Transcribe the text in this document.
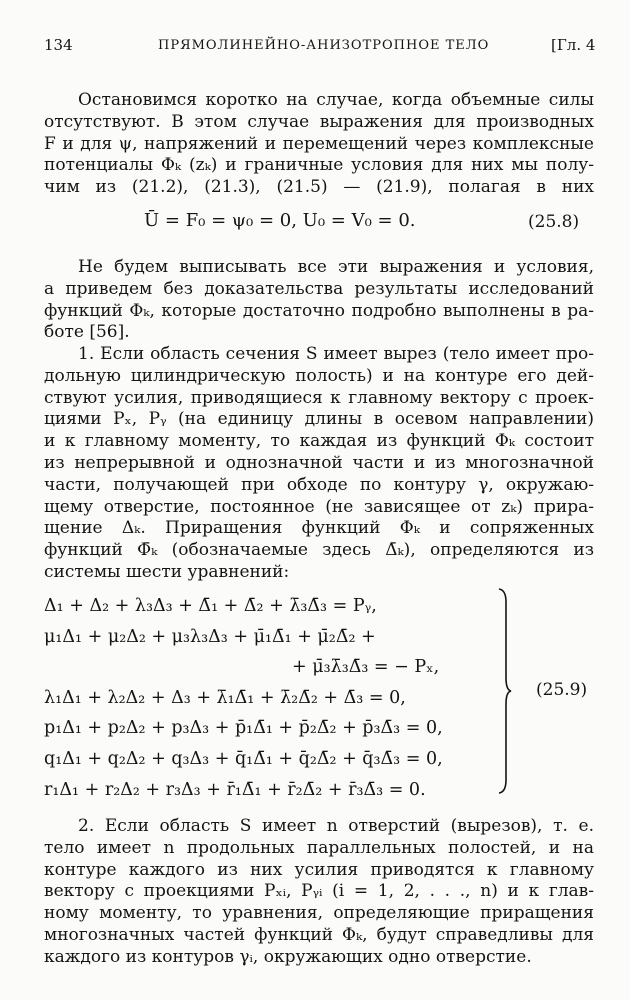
134	ПРЯМОЛИНЕЙНО-АНИЗОТРОПНОЕ ТЕЛО	[Гл. 4
Остановимся коротко на случае, когда объемные силы
отсутствуют. В этом случае выражения для производных
F и для ψ, напряжений и перемещений через комплексные
потенциалы Φₖ (zₖ) и граничные условия для них мы полу-
чим из (21.2), (21.3), (21.5) — (21.9), полагая в них
Ū = F₀ = ψ₀ = 0, U₀ = V₀ = 0.	(25.8)
Не будем выписывать все эти выражения и условия,
а приведем без доказательства результаты исследований
функций Φₖ, которые достаточно подробно выполнены в ра-
боте [56].
1. Если область сечения S имеет вырез (тело имеет про-
дольную цилиндрическую полость) и на контуре его дей-
ствуют усилия, приводящиеся к главному вектору с проек-
циями Pₓ, Pᵧ (на единицу длины в осевом направлении)
и к главному моменту, то каждая из функций Φₖ состоит
из непрерывной и однозначной части и из многозначной
части, получающей при обходе по контуру γ, окружаю-
щему отверстие, постоянное (не зависящее от zₖ) прира-
щение Δₖ. Приращения функций Φₖ и сопряженных
функций Φ̄ₖ (обозначаемые здесь Δ̄ₖ), определяются из
системы шести уравнений:
Δ₁ + Δ₂ + λ₃Δ₃ + Δ̄₁ + Δ̄₂ + λ̄₃Δ̄₃ = Pᵧ,
μ₁Δ₁ + μ₂Δ₂ + μ₃λ₃Δ₃ + μ̄₁Δ̄₁ + μ̄₂Δ̄₂ +
+ μ̄₃λ̄₃Δ̄₃ = − Pₓ,
λ₁Δ₁ + λ₂Δ₂ + Δ₃ + λ̄₁Δ̄₁ + λ̄₂Δ̄₂ + Δ̄₃ = 0,
p₁Δ₁ + p₂Δ₂ + p₃Δ₃ + p̄₁Δ̄₁ + p̄₂Δ̄₂ + p̄₃Δ̄₃ = 0,
q₁Δ₁ + q₂Δ₂ + q₃Δ₃ + q̄₁Δ̄₁ + q̄₂Δ̄₂ + q̄₃Δ̄₃ = 0,
r₁Δ₁ + r₂Δ₂ + r₃Δ₃ + r̄₁Δ̄₁ + r̄₂Δ̄₂ + r̄₃Δ̄₃ = 0.
(25.9)
2. Если область S имеет n отверстий (вырезов), т. е.
тело имеет n продольных параллельных полостей, и на
контуре каждого из них усилия приводятся к главному
вектору с проекциями Pₓᵢ, Pᵧᵢ (i = 1, 2, . . ., n) и к глав-
ному моменту, то уравнения, определяющие приращения
многозначных частей функций Φₖ, будут справедливы для
каждого из контуров γᵢ, окружающих одно отверстие.
